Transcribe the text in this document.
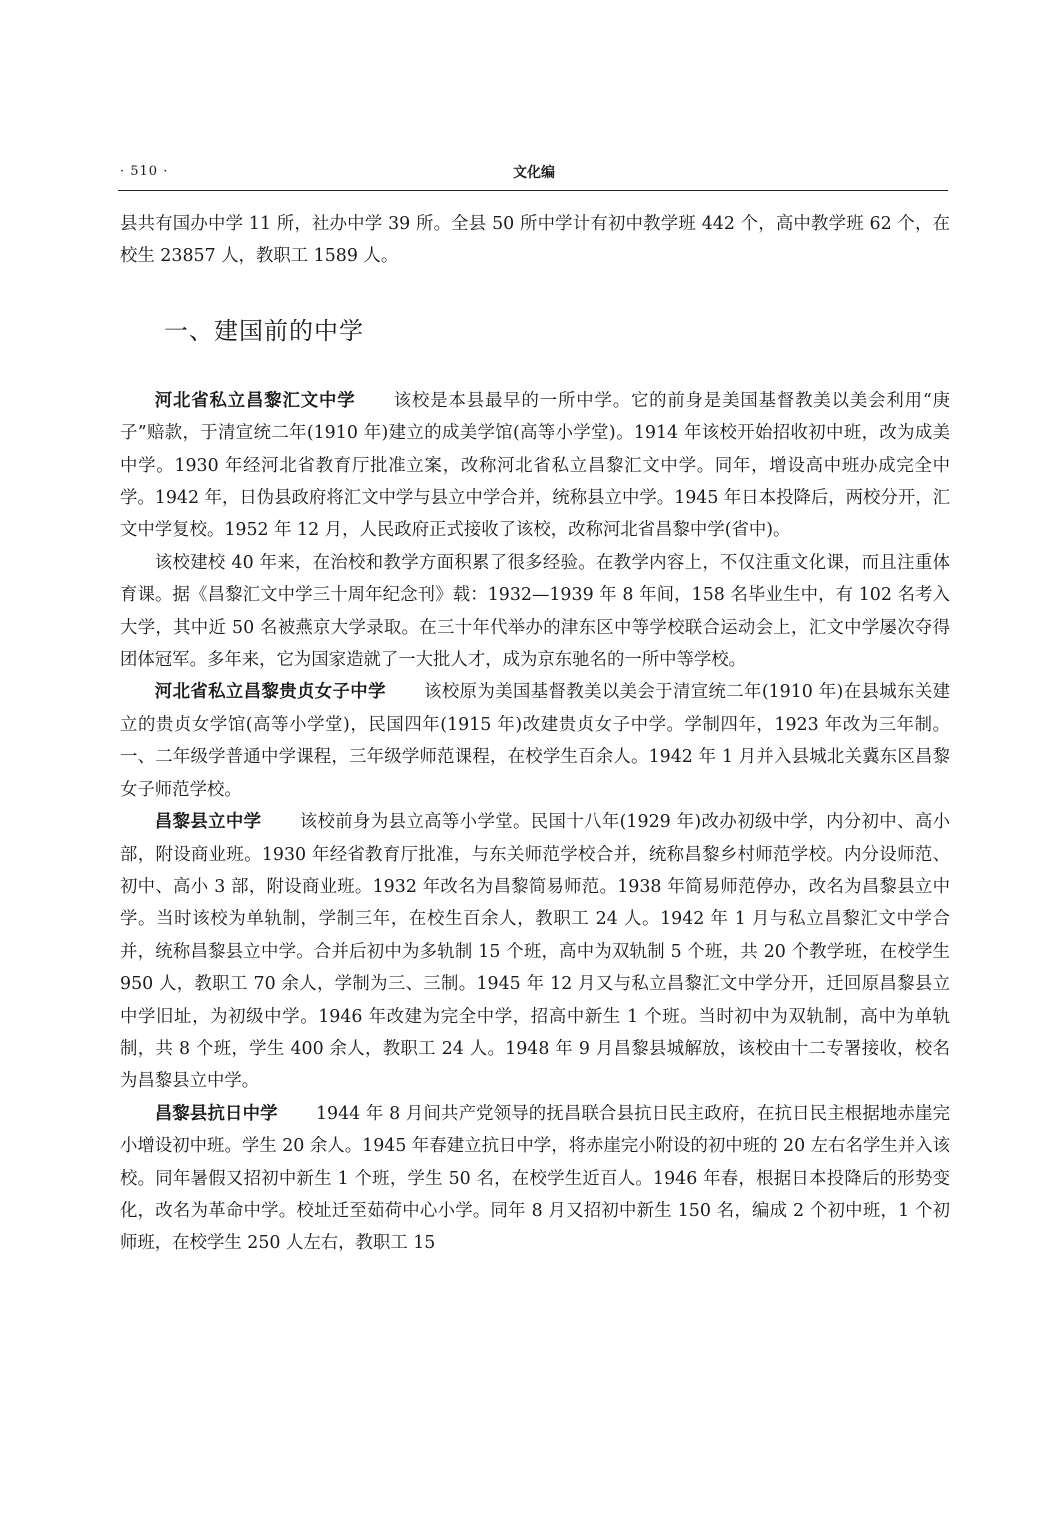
· 510 ·	文化编

县共有国办中学 11 所，社办中学 39 所。全县 50 所中学计有初中教学班 442 个，高中教学班 62 个，在校生 23857 人，教职工 1589 人。

一、建国前的中学

河北省私立昌黎汇文中学 该校是本县最早的一所中学。它的前身是美国基督教美以美会利用“庚子”赔款，于清宣统二年(1910 年)建立的成美学馆(高等小学堂)。1914 年该校开始招收初中班，改为成美中学。1930 年经河北省教育厅批准立案，改称河北省私立昌黎汇文中学。同年，增设高中班办成完全中学。1942 年，日伪县政府将汇文中学与县立中学合并，统称县立中学。1945 年日本投降后，两校分开，汇文中学复校。1952 年 12 月，人民政府正式接收了该校，改称河北省昌黎中学(省中)。

该校建校 40 年来，在治校和教学方面积累了很多经验。在教学内容上，不仅注重文化课，而且注重体育课。据《昌黎汇文中学三十周年纪念刊》载：1932—1939 年 8 年间，158 名毕业生中，有 102 名考入大学，其中近 50 名被燕京大学录取。在三十年代举办的津东区中等学校联合运动会上，汇文中学屡次夺得团体冠军。多年来，它为国家造就了一大批人才，成为京东驰名的一所中等学校。

河北省私立昌黎贵贞女子中学 该校原为美国基督教美以美会于清宣统二年(1910 年)在县城东关建立的贵贞女学馆(高等小学堂)，民国四年(1915 年)改建贵贞女子中学。学制四年，1923 年改为三年制。一、二年级学普通中学课程，三年级学师范课程，在校学生百余人。1942 年 1 月并入县城北关冀东区昌黎女子师范学校。

昌黎县立中学 该校前身为县立高等小学堂。民国十八年(1929 年)改办初级中学，内分初中、高小部，附设商业班。1930 年经省教育厅批准，与东关师范学校合并，统称昌黎乡村师范学校。内分设师范、初中、高小 3 部，附设商业班。1932 年改名为昌黎简易师范。1938 年简易师范停办，改名为昌黎县立中学。当时该校为单轨制，学制三年，在校生百余人，教职工 24 人。1942 年 1 月与私立昌黎汇文中学合并，统称昌黎县立中学。合并后初中为多轨制 15 个班，高中为双轨制 5 个班，共 20 个教学班，在校学生 950 人，教职工 70 余人，学制为三、三制。1945 年 12 月又与私立昌黎汇文中学分开，迁回原昌黎县立中学旧址，为初级中学。1946 年改建为完全中学，招高中新生 1 个班。当时初中为双轨制，高中为单轨制，共 8 个班，学生 400 余人，教职工 24 人。1948 年 9 月昌黎县城解放，该校由十二专署接收，校名为昌黎县立中学。

昌黎县抗日中学 1944 年 8 月间共产党领导的抚昌联合县抗日民主政府，在抗日民主根据地赤崖完小增设初中班。学生 20 余人。1945 年春建立抗日中学，将赤崖完小附设的初中班的 20 左右名学生并入该校。同年暑假又招初中新生 1 个班，学生 50 名，在校学生近百人。1946 年春，根据日本投降后的形势变化，改名为革命中学。校址迁至茹荷中心小学。同年 8 月又招初中新生 150 名，编成 2 个初中班，1 个初师班，在校学生 250 人左右，教职工 15
